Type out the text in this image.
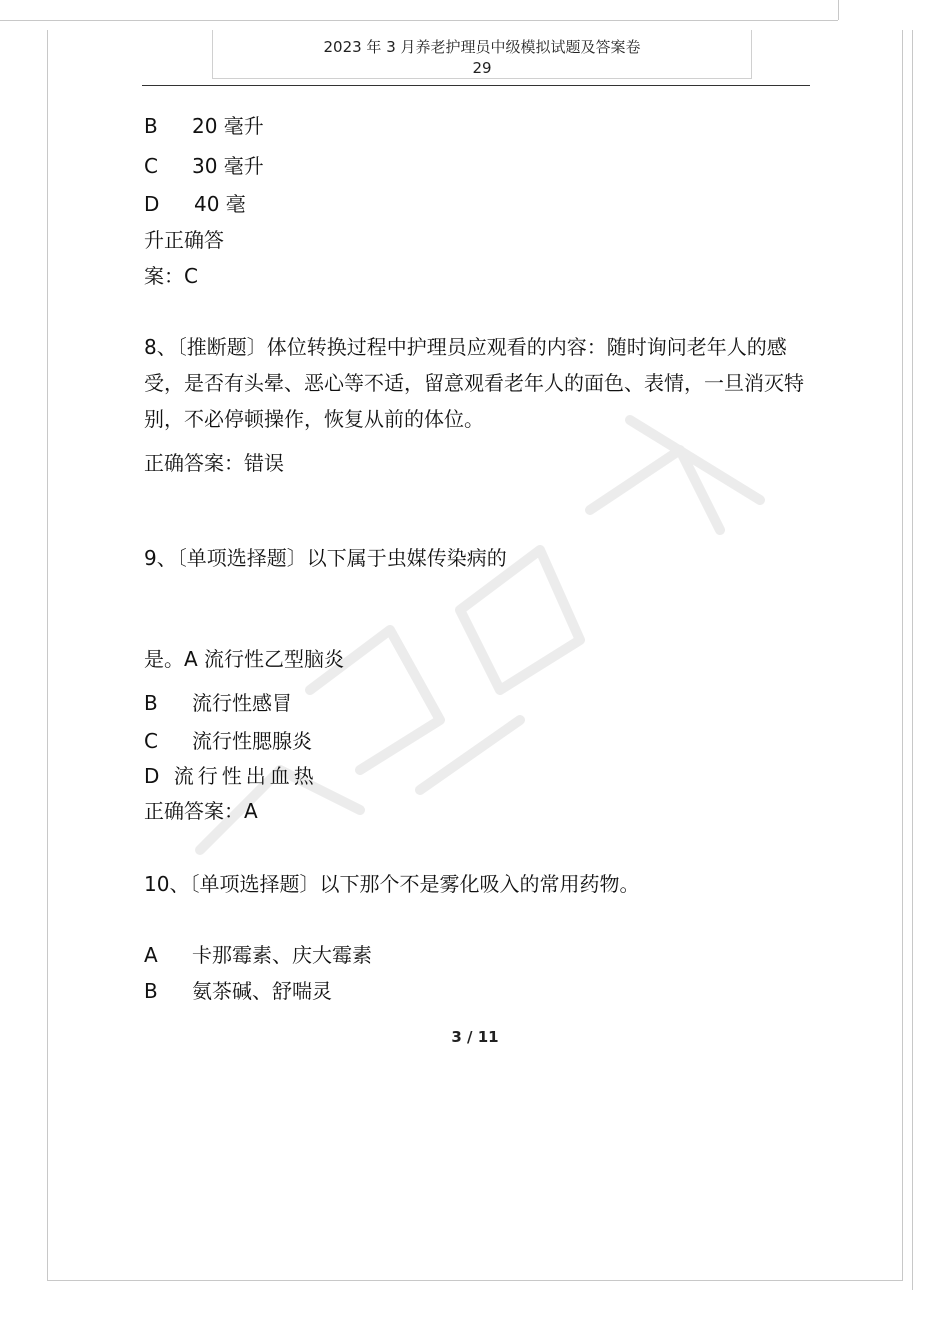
2023 年 3 月养老护理员中级模拟试题及答案卷
29
B 20 毫升
C 30 毫升
D 40 毫
升正确答
案：C
8、〔推断题〕体位转换过程中护理员应观看的内容：随时询问老年人的感受，是否有头晕、恶心等不适，留意观看老年人的面色、表情，一旦消灭特别，不必停顿操作，恢复从前的体位。
正确答案：错误
9、〔单项选择题〕以下属于虫媒传染病的
是。A 流行性乙型脑炎
B 流行性感冒
C 流行性腮腺炎
D 流行性出血热
正确答案：A
10、〔单项选择题〕以下那个不是雾化吸入的常用药物。
A 卡那霉素、庆大霉素
B 氨茶碱、舒喘灵
3 / 11
